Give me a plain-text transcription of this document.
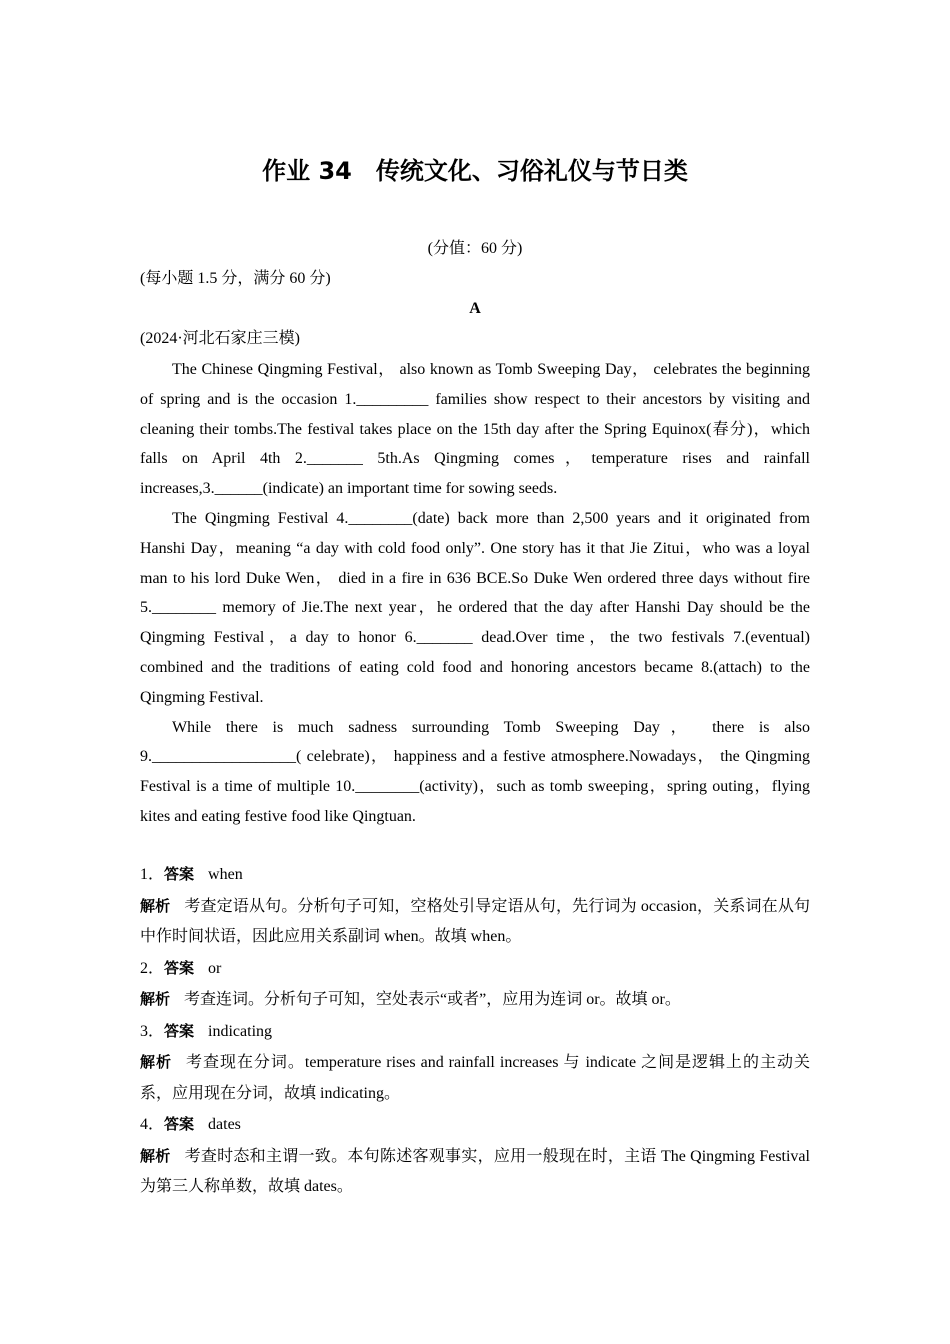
作业 34　传统文化、习俗礼仪与节日类
(分值：60 分)
(每小题 1.5 分，满分 60 分)
A
(2024·河北石家庄三模)

The Chinese Qingming Festival， also known as Tomb Sweeping Day， celebrates the beginning of spring and is the occasion 1._________ families show respect to their ancestors by visiting and cleaning their tombs.The festival takes place on the 15th day after the Spring Equinox(春分)，which falls on April 4th 2._______ 5th.As Qingming comes，temperature rises and rainfall increases,3.______(indicate) an important time for sowing seeds.

The Qingming Festival 4.________(date) back more than 2,500 years and it originated from Hanshi Day，meaning “a day with cold food only”. One story has it that Jie Zitui，who was a loyal man to his lord Duke Wen， died in a fire in 636 BCE.So Duke Wen ordered three days without fire 5.________ memory of Jie.The next year，he ordered that the day after Hanshi Day should be the Qingming Festival，a day to honor 6._______ dead.Over time，the two festivals 7.(eventual) combined and the traditions of eating cold food and honoring ancestors became 8.(attach) to the Qingming Festival.

While there is much sadness surrounding Tomb Sweeping Day， there is also 9.__________________( celebrate)， happiness and a festive atmosphere.Nowadays， the Qingming Festival is a time of multiple 10.________(activity)，such as tomb sweeping，spring outing，flying kites and eating festive food like Qingtuan.

1．答案 when
解析 考查定语从句。分析句子可知，空格处引导定语从句，先行词为 occasion，关系词在从句中作时间状语，因此应用关系副词 when。故填 when。
2．答案 or
解析 考查连词。分析句子可知，空处表示“或者”，应用为连词 or。故填 or。
3．答案 indicating
解析 考查现在分词。temperature rises and rainfall increases 与 indicate 之间是逻辑上的主动关系，应用现在分词，故填 indicating。
4．答案 dates
解析 考查时态和主谓一致。本句陈述客观事实，应用一般现在时，主语 The Qingming Festival 为第三人称单数，故填 dates。
